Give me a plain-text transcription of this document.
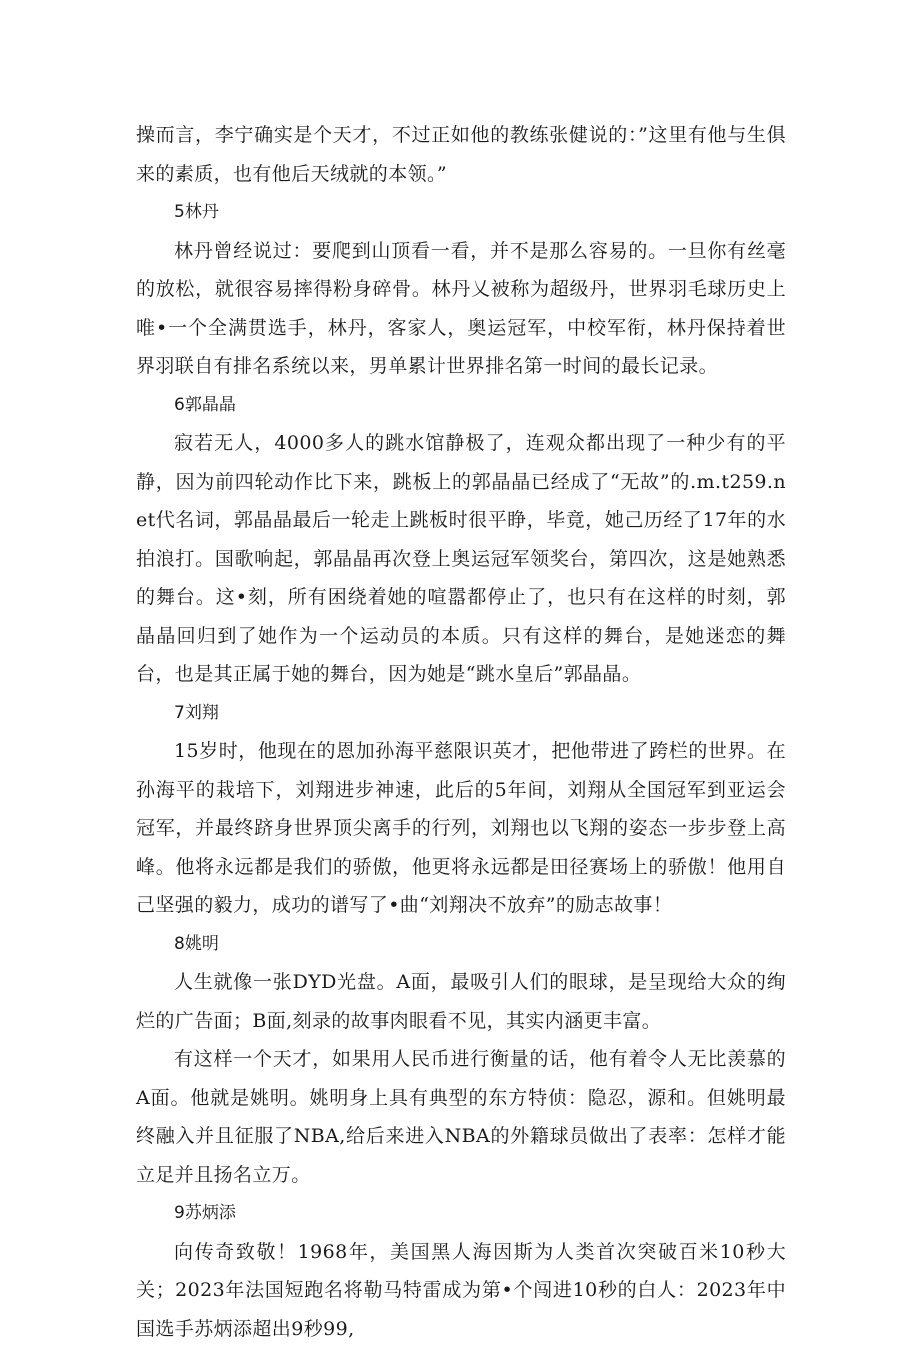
操而言，李宁确实是个天才，不过正如他的教练张健说的：”这里有他与生俱来的素质，也有他后天绒就的本领。”

5林丹

林丹曾经说过：要爬到山顶看一看，并不是那么容易的。一旦你有丝毫的放松，就很容易摔得粉身碎骨。林丹乂被称为超级丹，世界羽毛球历史上唯•一个全满贯选手，林丹，客家人，奥运冠军，中校军衔，林丹保持着世界羽联自有排名系统以来，男单累计世界排名第一时间的最长记录。

6郭晶晶

寂若无人，4000多人的跳水馆静极了，连观众都出现了一种少有的平静，因为前四轮动作比下来，跳板上的郭晶晶已经成了“无故”的.m.t259.net代名词，郭晶晶最后一轮走上跳板时很平睁，毕竟，她己历经了17年的水拍浪打。国歌响起，郭晶晶再次登上奥运冠军领奖台，第四次，这是她熟悉的舞台。这•刻，所有困绕着她的喧嚣都停止了，也只有在这样的时刻，郭晶晶回归到了她作为一个运动员的本质。只有这样的舞台，是她迷恋的舞台，也是其正属于她的舞台，因为她是“跳水皇后”郭晶晶。

7刘翔

15岁时，他现在的恩加孙海平慈限识英才，把他带进了跨栏的世界。在孙海平的栽培下，刘翔进步神速，此后的5年间，刘翔从全国冠军到亚运会冠军，并最终跻身世界顶尖离手的行列，刘翔也以飞翔的姿态一步步登上高峰。他将永远都是我们的骄傲，他更将永远都是田径赛场上的骄傲！他用自己坚强的毅力，成功的谱写了•曲“刘翔决不放弃”的励志故事！

8姚明

人生就像一张DYD光盘。A面，最吸引人们的眼球，是呈现给大众的绚烂的广告面；B面,刻录的故事肉眼看不见，其实内涵更丰富。

有这样一个天才，如果用人民币进行衡量的话，他有着令人无比羡慕的A面。他就是姚明。姚明身上具有典型的东方特侦：隐忍，源和。但姚明最终融入并且征服了NBA,给后来进入NBA的外籍球员做出了表率：怎样才能立足并且扬名立万。

9苏炳添

向传奇致敬！1968年，美国黑人海因斯为人类首次突破百米10秒大关；2023年法国短跑名将勒马特雷成为第•个闯进10秒的白人：2023年中国选手苏炳添超出9秒99,
